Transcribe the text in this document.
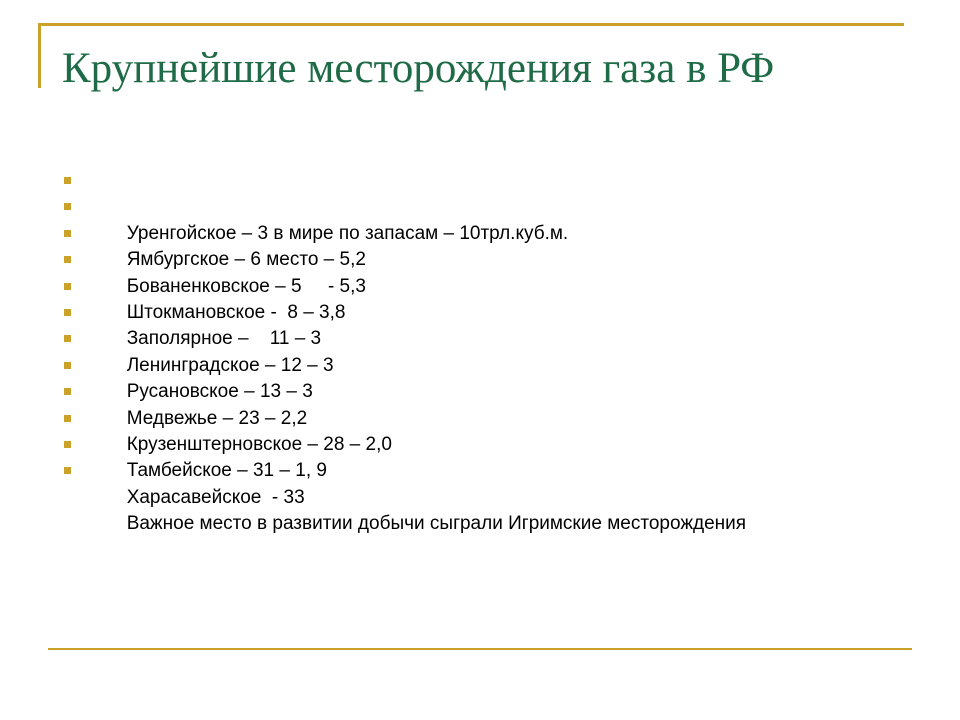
Крупнейшие месторождения газа в РФ

Уренгойское – 3 в мире по запасам – 10трл.куб.м.

Ямбургское – 6 место – 5,2

Бованенковское – 5     - 5,3

Штокмановское -  8 – 3,8

Заполярное –    11 – 3

Ленинградское – 12 – 3

Русановское – 13 – 3

Медвежье – 23 – 2,2

Крузенштерновское – 28 – 2,0

Тамбейское – 31 – 1, 9

Харасавейское  - 33

Важное место в развитии добычи сыграли Игримские месторождения
